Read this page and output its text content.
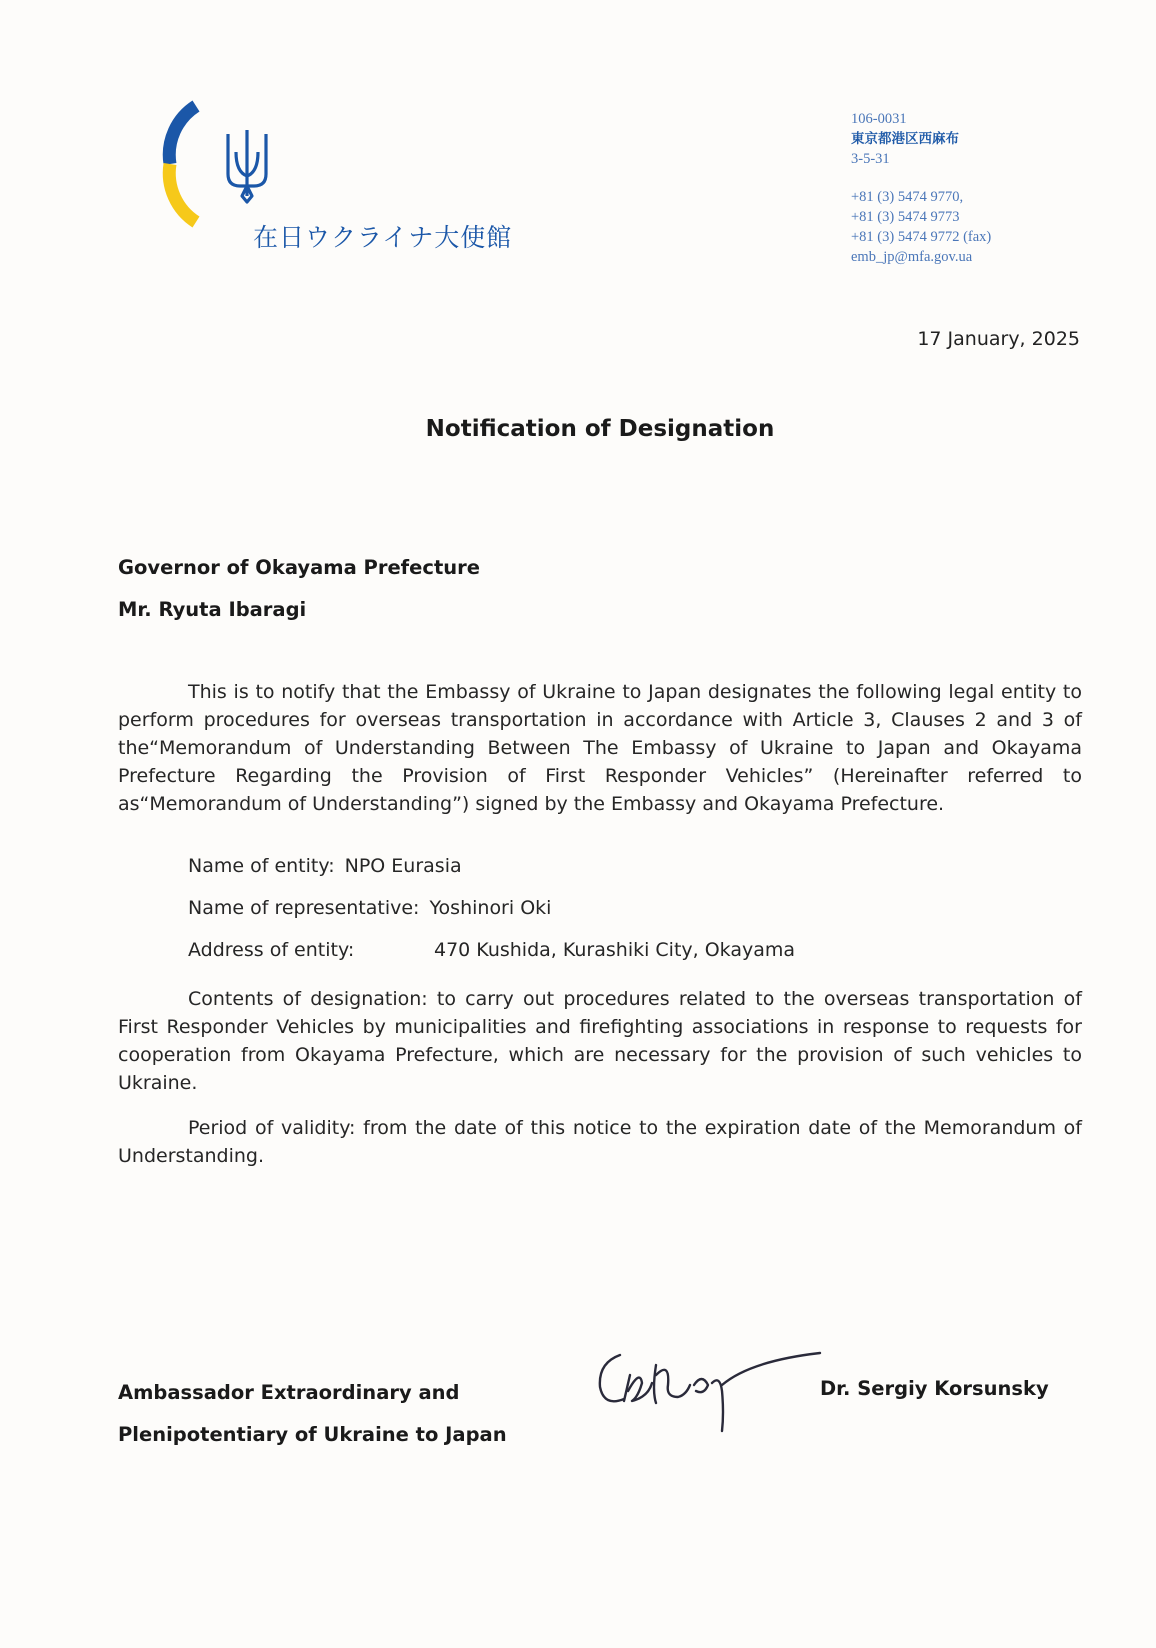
在日ウクライナ大使館
106-0031
東京都港区西麻布
3-5-31
+81 (3) 5474 9770,
+81 (3) 5474 9773
+81 (3) 5474 9772 (fax)
emb_jp@mfa.gov.ua
17 January, 2025
Notification of Designation
Governor of Okayama Prefecture
Mr. Ryuta Ibaragi

This is to notify that the Embassy of Ukraine to Japan designates the following legal entity to perform procedures for overseas transportation in accordance with Article 3, Clauses 2 and 3 of the“Memorandum of Understanding Between The Embassy of Ukraine to Japan and Okayama Prefecture Regarding the Provision of First Responder Vehicles” (Hereinafter referred to as“Memorandum of Understanding”) signed by the Embassy and Okayama Prefecture.

Name of entity: NPO Eurasia
Name of representative: Yoshinori Oki
Address of entity:	470 Kushida, Kurashiki City, Okayama

Contents of designation: to carry out procedures related to the overseas transportation of First Responder Vehicles by municipalities and firefighting associations in response to requests for cooperation from Okayama Prefecture, which are necessary for the provision of such vehicles to Ukraine.

Period of validity: from the date of this notice to the expiration date of the Memorandum of Understanding.

Ambassador Extraordinary and
Plenipotentiary of Ukraine to Japan
Dr. Sergiy Korsunsky
